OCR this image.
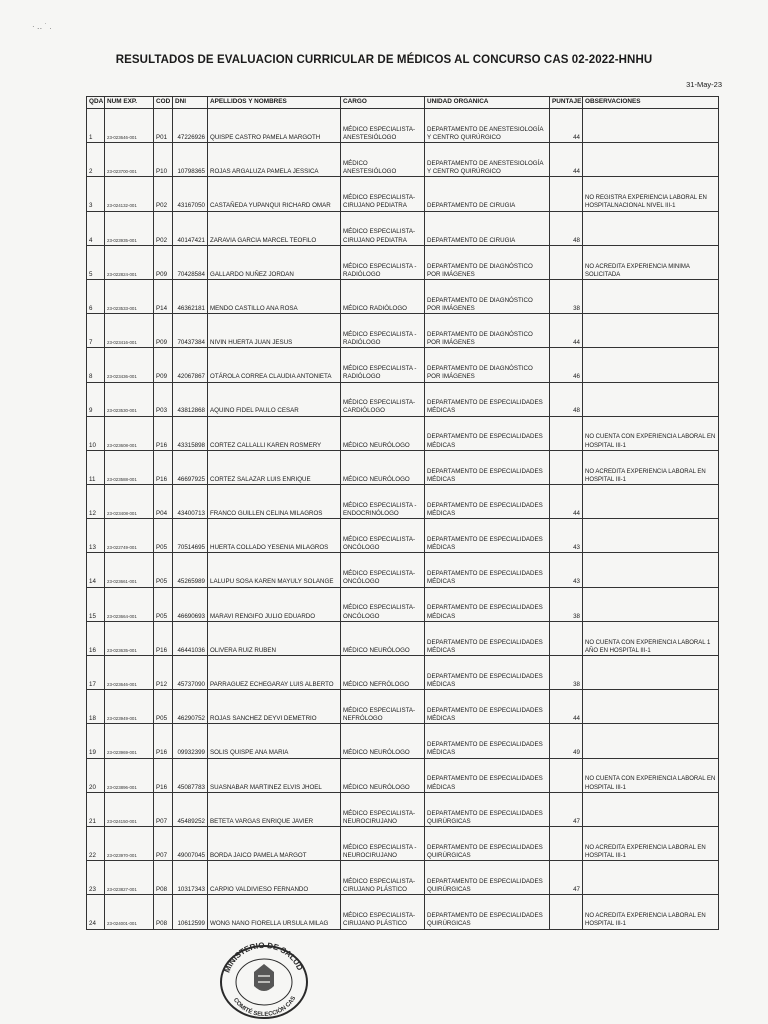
· ‥ ˙ .
RESULTADOS DE EVALUACION CURRICULAR DE MÉDICOS AL CONCURSO CAS 02-2022-HNHU
31-May-23
QDA	NUM EXP.	COD	DNI	APELLIDOS Y NOMBRES	CARGO	UNIDAD ORGANICA	PUNTAJE	OBSERVACIONES
1	23-023646-001	P01	47226926	QUISPE CASTRO PAMELA MARGOTH	MÉDICO ESPECIALISTA-ANESTESIÓLOGO	DEPARTAMENTO DE ANESTESIOLOGÍA Y CENTRO QUIRÚRGICO	44	
2	23-023700-001	P10	10798365	ROJAS ARGALUZA PAMELA JESSICA	MÉDICO ANESTESIÓLOGO	DEPARTAMENTO DE ANESTESIOLOGÍA Y CENTRO QUIRÚRGICO	44	
3	23-024132-001	P02	43167050	CASTAÑEDA YUPANQUI RICHARD OMAR	MÉDICO ESPECIALISTA-CIRUJANO PEDIATRA	DEPARTAMENTO DE CIRUGIA		NO REGISTRA EXPERIENCIA LABORAL EN HOSPITALNACIONAL NIVEL III-1
4	23-023935-001	P02	40147421	ZARAVIA GARCIA MARCEL TEOFILO	MÉDICO ESPECIALISTA-CIRUJANO PEDIATRA	DEPARTAMENTO DE CIRUGIA	48	
5	23-022824-001	P09	70428584	GALLARDO NUÑEZ JORDAN	MÉDICO ESPECIALISTA - RADIÓLOGO	DEPARTAMENTO DE DIAGNÓSTICO POR IMÁGENES		NO ACREDITA EXPERIENCIA MINIMA SOLICITADA
6	23-023533-001	P14	46362181	MENDO CASTILLO ANA ROSA	MÉDICO RADIÓLOGO	DEPARTAMENTO DE DIAGNÓSTICO POR IMÁGENES	38	
7	23-023416-001	P09	70437384	NIVIN HUERTA JUAN JESUS	MÉDICO ESPECIALISTA - RADIÓLOGO	DEPARTAMENTO DE DIAGNÓSTICO POR IMÁGENES	44	
8	23-023436-001	P09	42067867	OTÁROLA CORREA CLAUDIA ANTONIETA	MÉDICO ESPECIALISTA - RADIÓLOGO	DEPARTAMENTO DE DIAGNÓSTICO POR IMÁGENES	46	
9	23-023530-001	P03	43812868	AQUINO FIDEL PAULO CESAR	MÉDICO ESPECIALISTA-CARDIÓLOGO	DEPARTAMENTO DE ESPECIALIDADES MÉDICAS	48	
10	23-023608-001	P16	43315898	CORTEZ CALLALLI KAREN ROSMERY	MÉDICO NEURÓLOGO	DEPARTAMENTO DE ESPECIALIDADES MÉDICAS		NO CUENTA CON EXPERIENCIA LABORAL EN HOSPITAL III-1
11	23-023588-001	P16	46697925	CORTEZ SALAZAR LUIS ENRIQUE	MÉDICO NEURÓLOGO	DEPARTAMENTO DE ESPECIALIDADES MÉDICAS		NO ACREDITA EXPERIENCIA LABORAL EN HOSPITAL III-1
12	23-023408-001	P04	43400713	FRANCO GUILLEN CELINA MILAGROS	MÉDICO ESPECIALISTA - ENDOCRINÓLOGO	DEPARTAMENTO DE ESPECIALIDADES MÉDICAS	44	
13	23-022749-001	P05	70514695	HUERTA COLLADO YESENIA MILAGROS	MÉDICO ESPECIALISTA-ONCÓLOGO	DEPARTAMENTO DE ESPECIALIDADES MÉDICAS	43	
14	23-023661-001	P05	45265989	LALUPU SOSA KAREN MAYULY SOLANGE	MÉDICO ESPECIALISTA-ONCÓLOGO	DEPARTAMENTO DE ESPECIALIDADES MÉDICAS	43	
15	23-023664-001	P05	46690693	MARAVI RENGIFO JULIO EDUARDO	MÉDICO ESPECIALISTA-ONCÓLOGO	DEPARTAMENTO DE ESPECIALIDADES MÉDICAS	38	
16	23-023635-001	P16	46441036	OLIVERA RUIZ RUBEN	MÉDICO NEURÓLOGO	DEPARTAMENTO DE ESPECIALIDADES MÉDICAS		NO CUENTA CON EXPERIENCIA LABORAL 1 AÑO EN HOSPITAL III-1
17	23-023646-001	P12	45737090	PARRAGUEZ ECHEGARAY LUIS ALBERTO	MÉDICO NEFRÓLOGO	DEPARTAMENTO DE ESPECIALIDADES MÉDICAS	38	
18	23-023949-001	P05	46290752	ROJAS SANCHEZ DEYVI DEMETRIO	MÉDICO ESPECIALISTA-NEFRÓLOGO	DEPARTAMENTO DE ESPECIALIDADES MÉDICAS	44	
19	23-023969-001	P16	09932399	SOLIS QUISPE ANA MARIA	MÉDICO NEURÓLOGO	DEPARTAMENTO DE ESPECIALIDADES MÉDICAS	49	
20	23-023896-001	P16	45087783	SUASNABAR MARTINEZ ELVIS JHOEL	MÉDICO NEURÓLOGO	DEPARTAMENTO DE ESPECIALIDADES MÉDICAS		NO CUENTA CON EXPERIENCIA LABORAL EN HOSPITAL III-1
21	23-024150-001	P07	45489252	BETETA VARGAS ENRIQUE JAVIER	MÉDICO ESPECIALISTA-NEUROCIRUJANO	DEPARTAMENTO DE ESPECIALIDADES QUIRÚRGICAS	47	
22	23-023970-001	P07	49007045	BORDA JAICO PAMELA MARGOT	MÉDICO ESPECIALISTA - NEUROCIRUJANO	DEPARTAMENTO DE ESPECIALIDADES QUIRÚRGICAS		NO ACREDITA EXPERIENCIA LABORAL EN HOSPITAL III-1
23	23-023827-001	P08	10317343	CARPIO VALDIVIESO FERNANDO	MÉDICO ESPECIALISTA-CIRUJANO PLÁSTICO	DEPARTAMENTO DE ESPECIALIDADES QUIRÚRGICAS	47	
24	23-024001-001	P08	10612599	WONG NANO FIORELLA URSULA MILAG	MÉDICO ESPECIALISTA-CIRUJANO PLÁSTICO	DEPARTAMENTO DE ESPECIALIDADES QUIRÚRGICAS		NO ACREDITA EXPERIENCIA LABORAL EN HOSPITAL III-1
MINISTERIO DE SALUD
COMITÉ SELECCIÓN CAS
